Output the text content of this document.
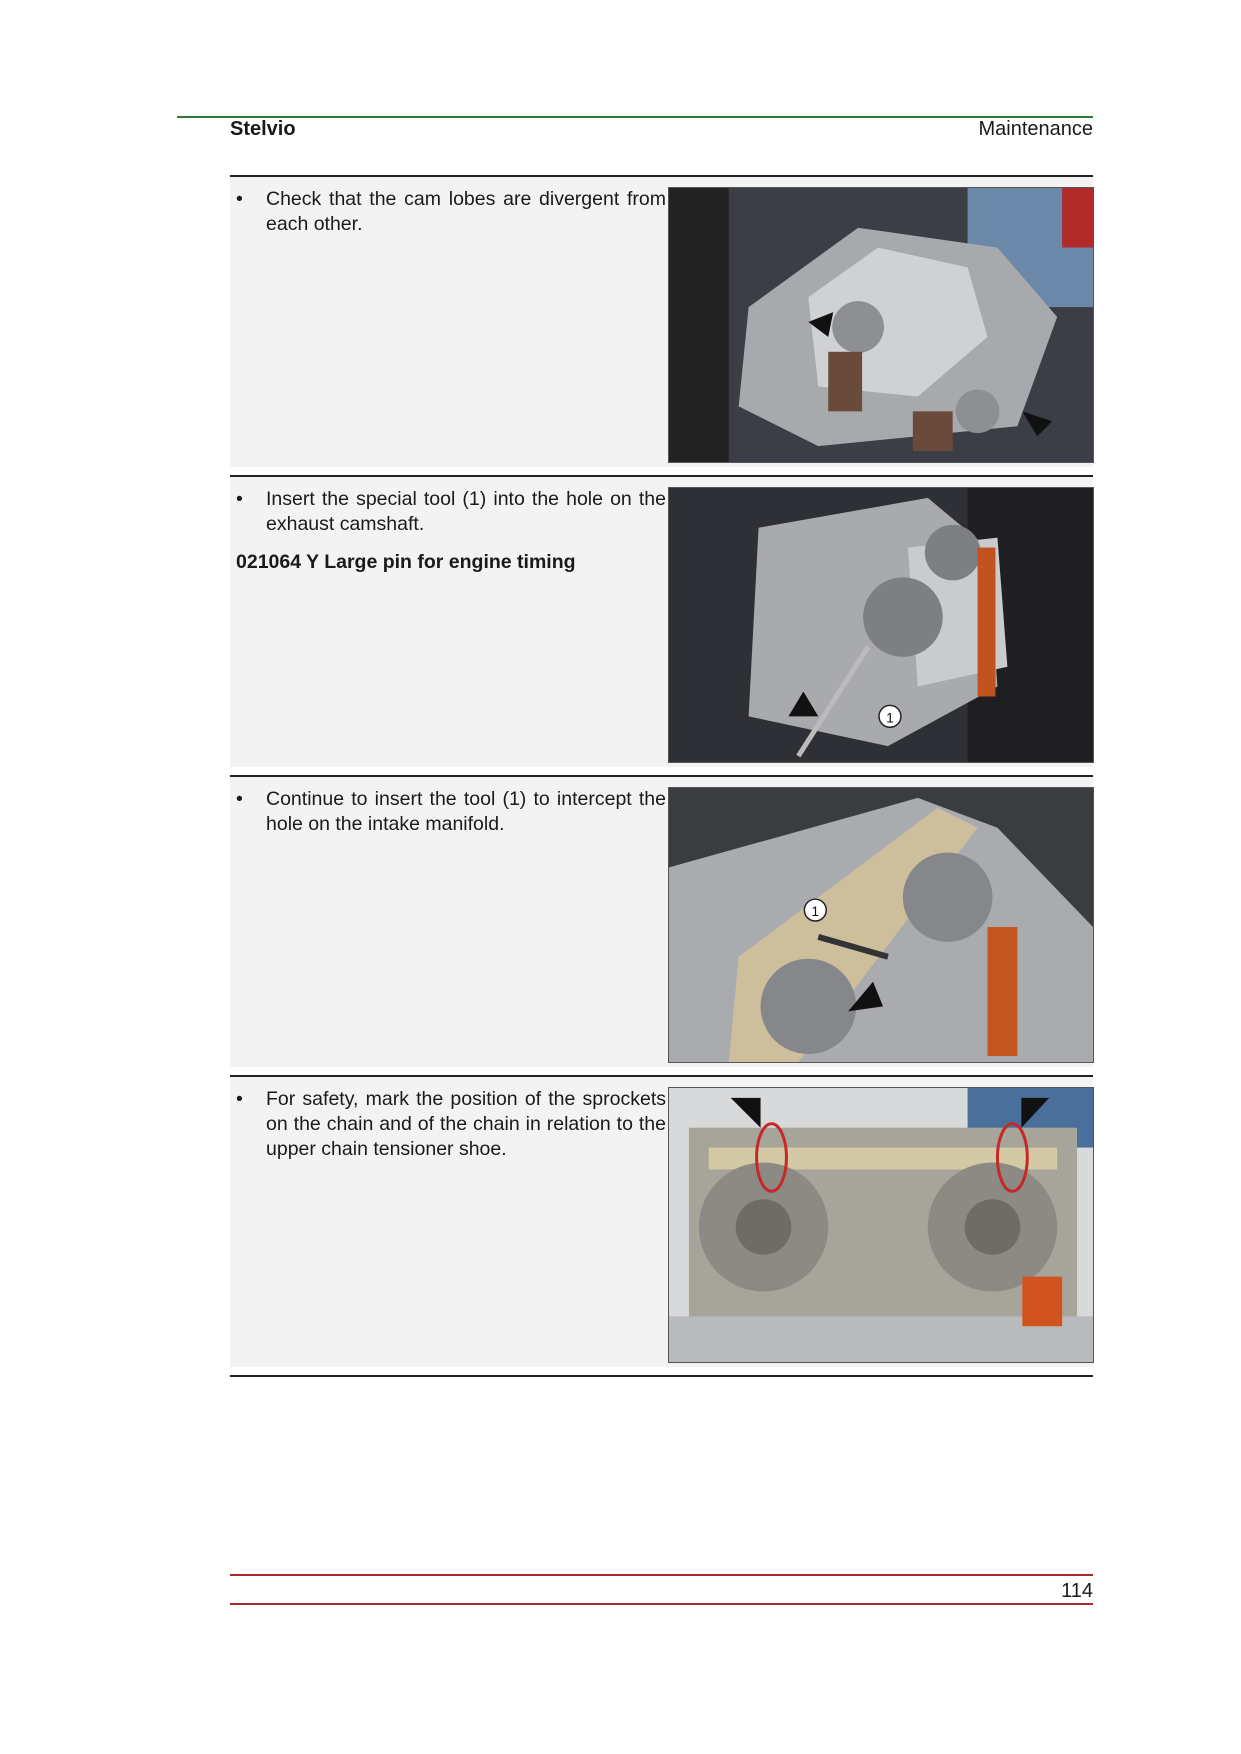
Stelvio	Maintenance
•	Check that the cam lobes are divergent from each other.
•	Insert the special tool (1) into the hole on the exhaust camshaft.
021064 Y Large pin for engine timing
1
•	Continue to insert the tool (1) to intercept the hole on the intake manifold.
1
•	For safety, mark the position of the sprockets on the chain and of the chain in relation to the upper chain tensioner shoe.
114
